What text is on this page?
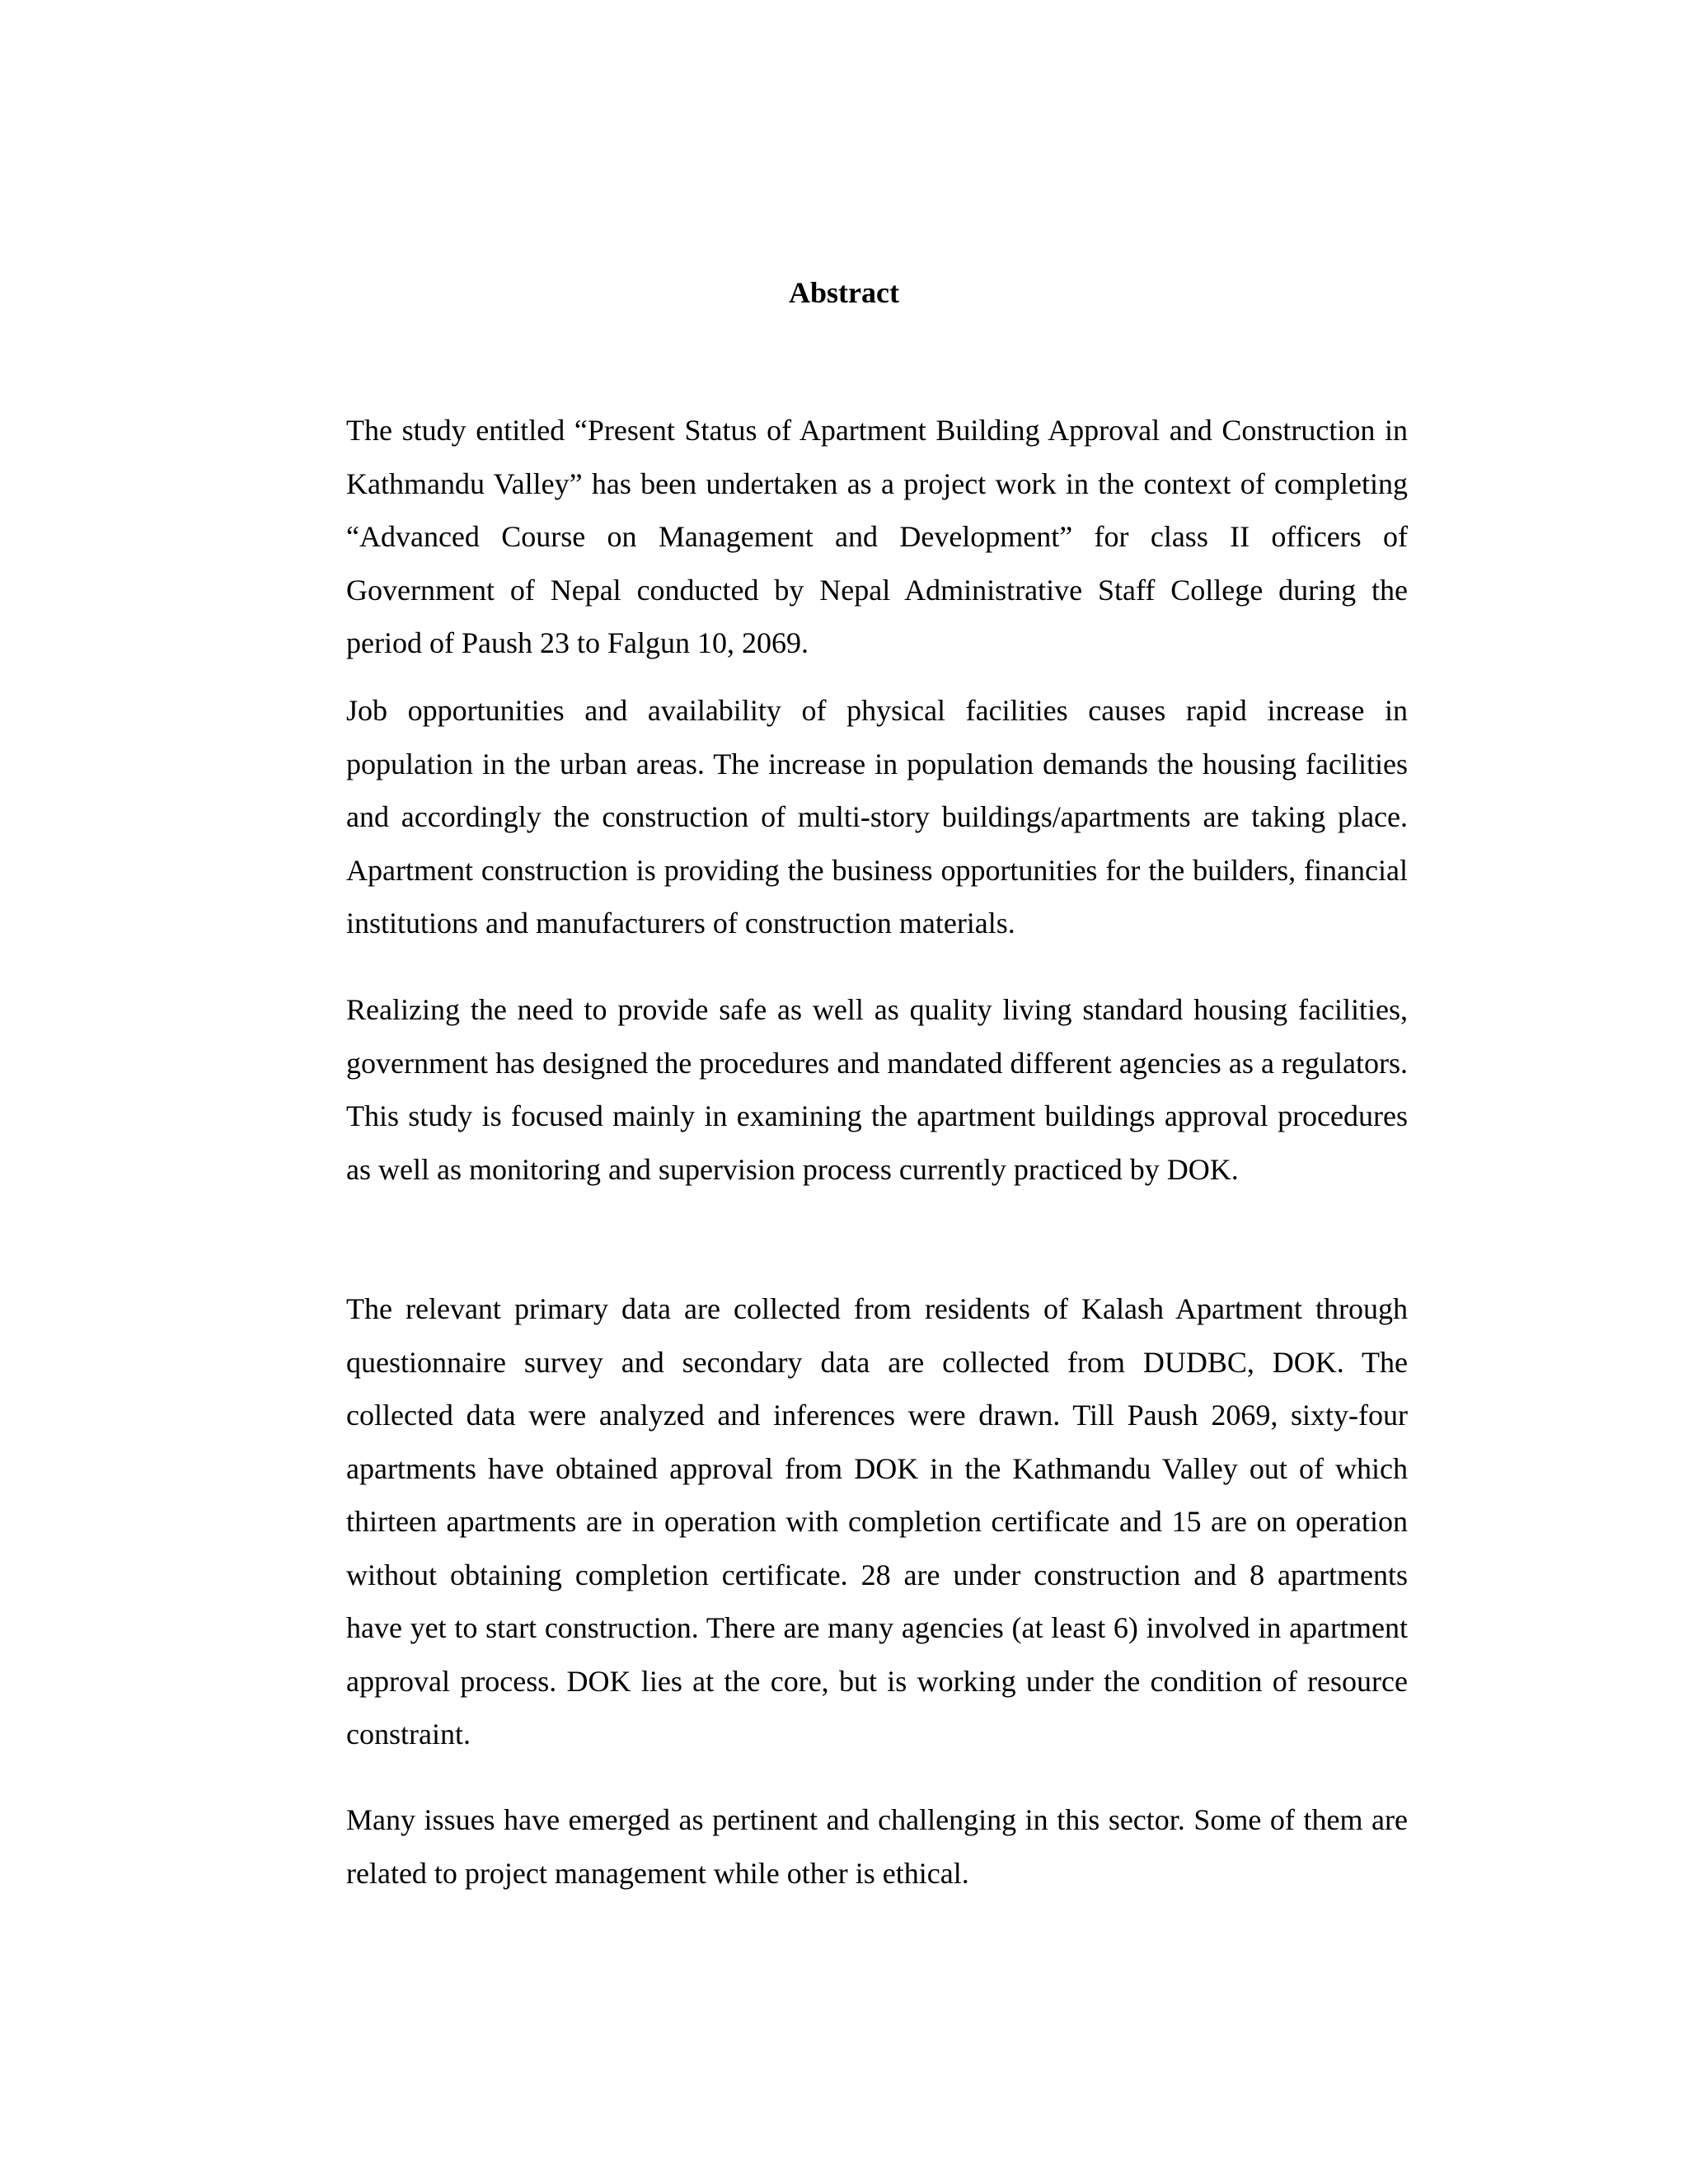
Abstract

The study entitled “Present Status of Apartment Building Approval and Construction in Kathmandu Valley” has been undertaken as a project work in the context of completing “Advanced Course on Management and Development” for class II officers of Government of Nepal conducted by Nepal Administrative Staff College during the period of Paush 23 to Falgun 10, 2069.

Job opportunities and availability of physical facilities causes rapid increase in population in the urban areas. The increase in population demands the housing facilities and accordingly the construction of multi-story buildings/apartments are taking place. Apartment construction is providing the business opportunities for the builders, financial institutions and manufacturers of construction materials.

Realizing the need to provide safe as well as quality living standard housing facilities, government has designed the procedures and mandated different agencies as a regulators. This study is focused mainly in examining the apartment buildings approval procedures as well as monitoring and supervision process currently practiced by DOK.

The relevant primary data are collected from residents of Kalash Apartment through questionnaire survey and secondary data are collected from DUDBC, DOK. The collected data were analyzed and inferences were drawn. Till Paush 2069, sixty-four apartments have obtained approval from DOK in the Kathmandu Valley out of which thirteen apartments are in operation with completion certificate and 15 are on operation without obtaining completion certificate. 28 are under construction and 8 apartments have yet to start construction. There are many agencies (at least 6) involved in apartment approval process. DOK lies at the core, but is working under the condition of resource constraint.

Many issues have emerged as pertinent and challenging in this sector. Some of them are related to project management while other is ethical.
